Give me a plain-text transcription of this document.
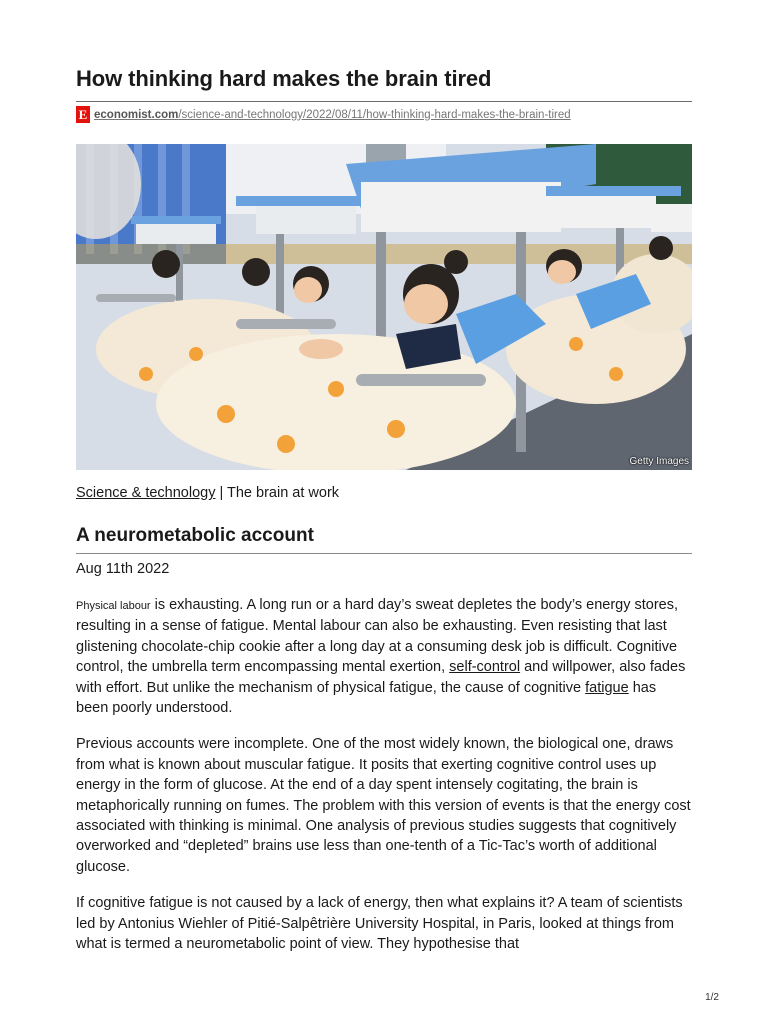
How thinking hard makes the brain tired
E economist.com/science-and-technology/2022/08/11/how-thinking-hard-makes-the-brain-tired
Getty Images
Science & technology | The brain at work
A neurometabolic account
Aug 11th 2022

Physical labour is exhausting. A long run or a hard day’s sweat depletes the body’s energy stores, resulting in a sense of fatigue. Mental labour can also be exhausting. Even resisting that last glistening chocolate-chip cookie after a long day at a consuming desk job is difficult. Cognitive control, the umbrella term encompassing mental exertion, self-control and willpower, also fades with effort. But unlike the mechanism of physical fatigue, the cause of cognitive fatigue has been poorly understood.

Previous accounts were incomplete. One of the most widely known, the biological one, draws from what is known about muscular fatigue. It posits that exerting cognitive control uses up energy in the form of glucose. At the end of a day spent intensely cogitating, the brain is metaphorically running on fumes. The problem with this version of events is that the energy cost associated with thinking is minimal. One analysis of previous studies suggests that cognitively overworked and “depleted” brains use less than one-tenth of a Tic-Tac’s worth of additional glucose.

If cognitive fatigue is not caused by a lack of energy, then what explains it? A team of scientists led by Antonius Wiehler of Pitié-Salpêtrière University Hospital, in Paris, looked at things from what is termed a neurometabolic point of view. They hypothesise that

1/2
